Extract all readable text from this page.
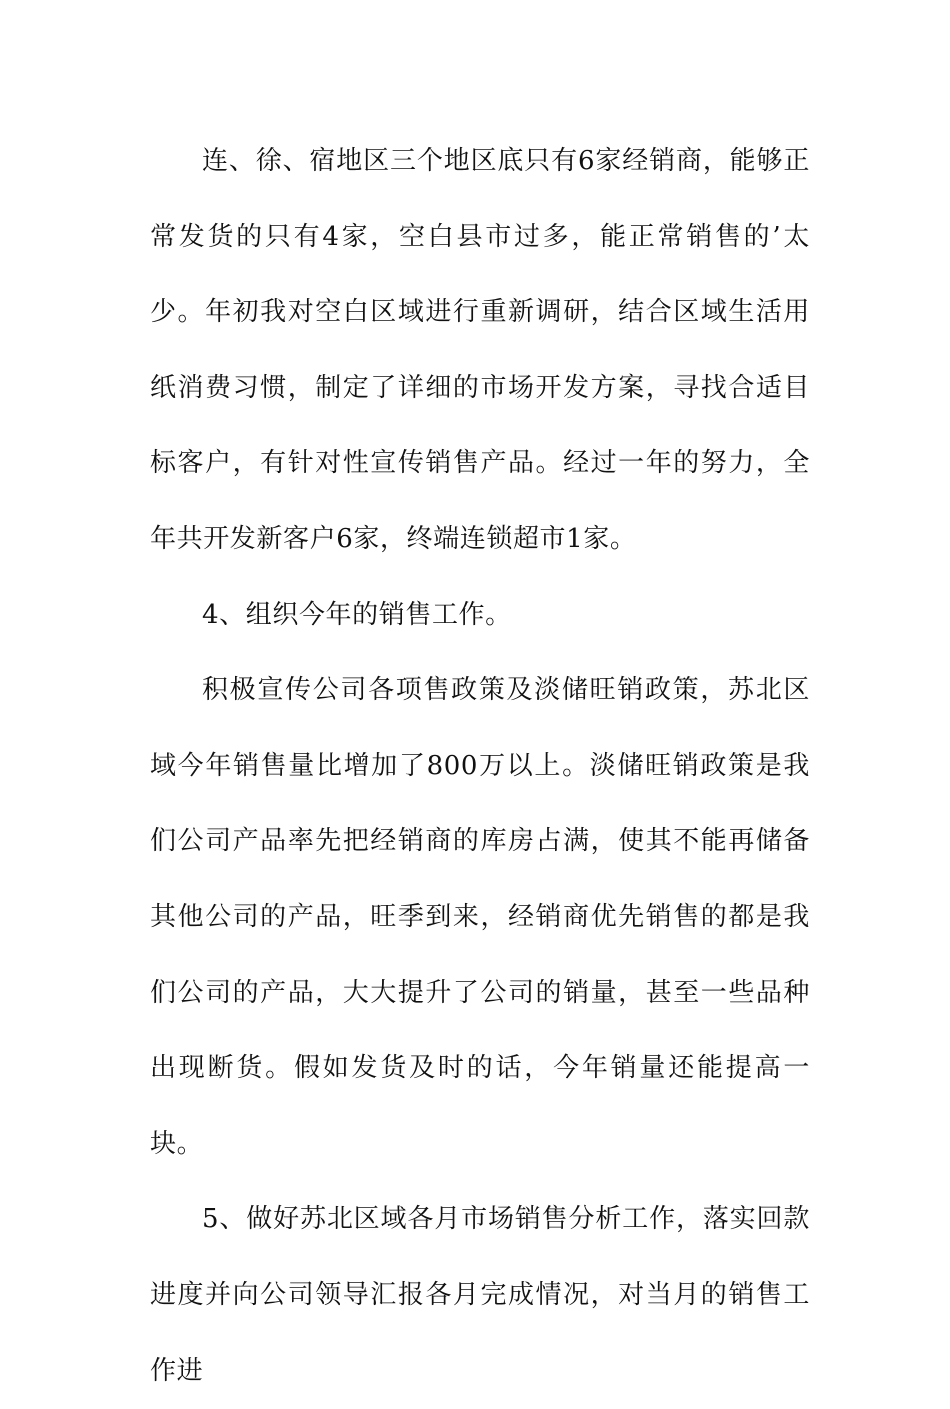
连、徐、宿地区三个地区底只有6家经销商，能够正常发货的只有4家，空白县市过多，能正常销售的’太少。年初我对空白区域进行重新调研，结合区域生活用纸消费习惯，制定了详细的市场开发方案，寻找合适目标客户，有针对性宣传销售产品。经过一年的努力，全年共开发新客户6家，终端连锁超市1家。

4、组织今年的销售工作。

积极宣传公司各项售政策及淡储旺销政策，苏北区域今年销售量比增加了800万以上。淡储旺销政策是我们公司产品率先把经销商的库房占满，使其不能再储备其他公司的产品，旺季到来，经销商优先销售的都是我们公司的产品，大大提升了公司的销量，甚至一些品种出现断货。假如发货及时的话，今年销量还能提高一块。

5、做好苏北区域各月市场销售分析工作，落实回款进度并向公司领导汇报各月完成情况，对当月的销售工作进
